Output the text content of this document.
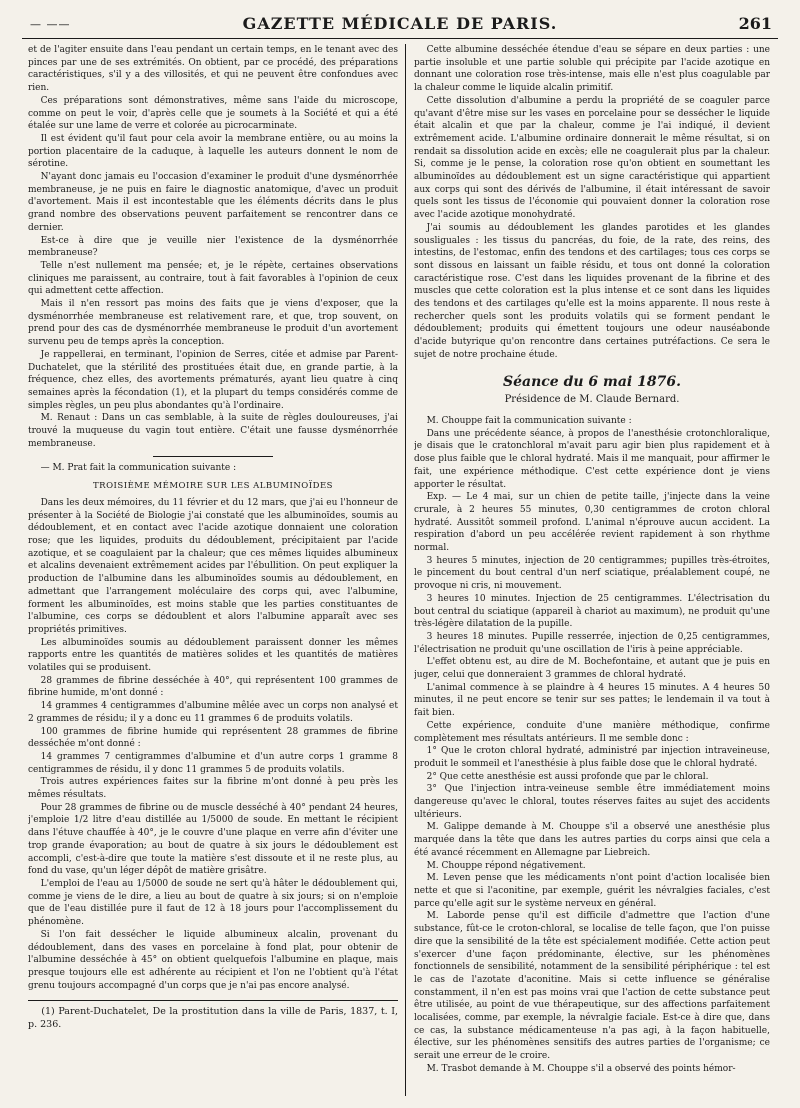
— ——	GAZETTE MÉDICALE DE PARIS.	261

et de l'agiter ensuite dans l'eau pendant un certain temps, en le tenant avec des pinces par une de ses extrémités. On obtient, par ce procédé, des préparations caractéristiques, s'il y a des villosités, et qui ne peuvent être confondues avec rien.

Ces préparations sont démonstratives, même sans l'aide du microscope, comme on peut le voir, d'après celle que je soumets à la Société et qui a été étalée sur une lame de verre et colorée au picrocarminate.

Il est évident qu'il faut pour cela avoir la membrane entière, ou au moins la portion placentaire de la caduque, à laquelle les auteurs donnent le nom de sérotine.

N'ayant donc jamais eu l'occasion d'examiner le produit d'une dysménorrhée membraneuse, je ne puis en faire le diagnostic anatomique, d'avec un produit d'avortement. Mais il est incontestable que les éléments décrits dans le plus grand nombre des observations peuvent parfaitement se rencontrer dans ce dernier.

Est-ce à dire que je veuille nier l'existence de la dysménorrhée membraneuse?

Telle n'est nullement ma pensée; et, je le répète, certaines observations cliniques me paraissent, au contraire, tout à fait favorables à l'opinion de ceux qui admettent cette affection.

Mais il n'en ressort pas moins des faits que je viens d'exposer, que la dysménorrhée membraneuse est relativement rare, et que, trop souvent, on prend pour des cas de dysménorrhée membraneuse le produit d'un avortement survenu peu de temps après la conception.

Je rappellerai, en terminant, l'opinion de Serres, citée et admise par Parent-Duchatelet, que la stérilité des prostituées était due, en grande partie, à la fréquence, chez elles, des avortements prématurés, ayant lieu quatre à cinq semaines après la fécondation (1), et la plupart du temps considérés comme de simples règles, un peu plus abondantes qu'à l'ordinaire.

M. Renaut : Dans un cas semblable, à la suite de règles douloureuses, j'ai trouvé la muqueuse du vagin tout entière. C'était une fausse dysménorrhée membraneuse.

— M. Prat fait la communication suivante :

TROISIÈME MÉMOIRE SUR LES ALBUMINOÏDES

Dans les deux mémoires, du 11 février et du 12 mars, que j'ai eu l'honneur de présenter à la Société de Biologie j'ai constaté que les albuminoïdes, soumis au dédoublement, et en contact avec l'acide azotique donnaient une coloration rose; que les liquides, produits du dédoublement, précipitaient par l'acide azotique, et se coagulaient par la chaleur; que ces mêmes liquides albumineux et alcalins devenaient extrêmement acides par l'ébullition. On peut expliquer la production de l'albumine dans les albuminoïdes soumis au dédoublement, en admettant que l'arrangement moléculaire des corps qui, avec l'albumine, forment les albuminoïdes, est moins stable que les parties constituantes de l'albumine, ces corps se dédoublent et alors l'albumine apparaît avec ses propriétés primitives.

Les albuminoïdes soumis au dédoublement paraissent donner les mêmes rapports entre les quantités de matières solides et les quantités de matières volatiles qui se produisent.

28 grammes de fibrine desséchée à 40°, qui représentent 100 grammes de fibrine humide, m'ont donné :

14 grammes 4 centigrammes d'albumine mêlée avec un corps non analysé et 2 grammes de résidu; il y a donc eu 11 grammes 6 de produits volatils.

100 grammes de fibrine humide qui représentent 28 grammes de fibrine desséchée m'ont donné :

14 grammes 7 centigrammes d'albumine et d'un autre corps 1 gramme 8 centigrammes de résidu, il y donc 11 grammes 5 de produits volatils.

Trois autres expériences faites sur la fibrine m'ont donné à peu près les mêmes résultats.

Pour 28 grammes de fibrine ou de muscle desséché à 40° pendant 24 heures, j'emploie 1/2 litre d'eau distillée au 1/5000 de soude. En mettant le récipient dans l'étuve chauffée à 40°, je le couvre d'une plaque en verre afin d'éviter une trop grande évaporation; au bout de quatre à six jours le dédoublement est accompli, c'est-à-dire que toute la matière s'est dissoute et il ne reste plus, au fond du vase, qu'un léger dépôt de matière grisâtre.

L'emploi de l'eau au 1/5000 de soude ne sert qu'à hâter le dédoublement qui, comme je viens de le dire, a lieu au bout de quatre à six jours; si on n'emploie que de l'eau distillée pure il faut de 12 à 18 jours pour l'accomplissement du phénomène.

Si l'on fait dessécher le liquide albumineux alcalin, provenant du dédoublement, dans des vases en porcelaine à fond plat, pour obtenir de l'albumine desséchée à 45° on obtient quelquefois l'albumine en plaque, mais presque toujours elle est adhérente au récipient et l'on ne l'obtient qu'à l'état grenu toujours accompagné d'un corps que je n'ai pas encore analysé.

(1) Parent-Duchatelet, De la prostitution dans la ville de Paris, 1837, t. I, p. 236.

Cette albumine desséchée étendue d'eau se sépare en deux parties : une partie insoluble et une partie soluble qui précipite par l'acide azotique en donnant une coloration rose très-intense, mais elle n'est plus coagulable par la chaleur comme le liquide alcalin primitif.

Cette dissolution d'albumine a perdu la propriété de se coaguler parce qu'avant d'être mise sur les vases en porcelaine pour se dessécher le liquide était alcalin et que par la chaleur, comme je l'ai indiqué, il devient extrêmement acide. L'albumine ordinaire donnerait le même résultat, si on rendait sa dissolution acide en excès; elle ne coagulerait plus par la chaleur. Si, comme je le pense, la coloration rose qu'on obtient en soumettant les albuminoïdes au dédoublement est un signe caractéristique qui appartient aux corps qui sont des dérivés de l'albumine, il était intéressant de savoir quels sont les tissus de l'économie qui pouvaient donner la coloration rose avec l'acide azotique monohydraté.

J'ai soumis au dédoublement les glandes parotides et les glandes sousliguales : les tissus du pancréas, du foie, de la rate, des reins, des intestins, de l'estomac, enfin des tendons et des cartilages; tous ces corps se sont dissous en laissant un faible résidu, et tous ont donné la coloration caractéristique rose. C'est dans les liquides provenant de la fibrine et des muscles que cette coloration est la plus intense et ce sont dans les liquides des tendons et des cartilages qu'elle est la moins apparente. Il nous reste à rechercher quels sont les produits volatils qui se forment pendant le dédoublement; produits qui émettent toujours une odeur nauséabonde d'acide butyrique qu'on rencontre dans certaines putréfactions. Ce sera le sujet de notre prochaine étude.

Séance du 6 mai 1876.
Présidence de M. Claude Bernard.

M. Chouppe fait la communication suivante :

Dans une précédente séance, à propos de l'anesthésie crotonchloralique, je disais que le cratonchloral m'avait paru agir bien plus rapidement et à dose plus faible que le chloral hydraté. Mais il me manquait, pour affirmer le fait, une expérience méthodique. C'est cette expérience dont je viens apporter le résultat.

Exp. — Le 4 mai, sur un chien de petite taille, j'injecte dans la veine crurale, à 2 heures 55 minutes, 0,30 centigrammes de croton chloral hydraté. Aussitôt sommeil profond. L'animal n'éprouve aucun accident. La respiration d'abord un peu accélérée revient rapidement à son rhythme normal.

3 heures 5 minutes, injection de 20 centigrammes; pupilles très-étroites, le pincement du bout central d'un nerf sciatique, préalablement coupé, ne provoque ni cris, ni mouvement.

3 heures 10 minutes. Injection de 25 centigrammes. L'électrisation du bout central du sciatique (appareil à chariot au maximum), ne produit qu'une très-légère dilatation de la pupille.

3 heures 18 minutes. Pupille resserrée, injection de 0,25 centigrammes, l'électrisation ne produit qu'une oscillation de l'iris à peine appréciable.

L'effet obtenu est, au dire de M. Bochefontaine, et autant que je puis en juger, celui que donneraient 3 grammes de chloral hydraté.

L'animal commence à se plaindre à 4 heures 15 minutes. A 4 heures 50 minutes, il ne peut encore se tenir sur ses pattes; le lendemain il va tout à fait bien.

Cette expérience, conduite d'une manière méthodique, confirme complètement mes résultats antérieurs. Il me semble donc :

1° Que le croton chloral hydraté, administré par injection intraveineuse, produit le sommeil et l'anesthésie à plus faible dose que le chloral hydraté.

2° Que cette anesthésie est aussi profonde que par le chloral.

3° Que l'injection intra-veineuse semble être immédiatement moins dangereuse qu'avec le chloral, toutes réserves faites au sujet des accidents ultérieurs.

M. Galippe demande à M. Chouppe s'il a observé une anesthésie plus marquée dans la tête que dans les autres parties du corps ainsi que cela a été avancé récemment en Allemagne par Liebreich.

M. Chouppe répond négativement.

M. Leven pense que les médicaments n'ont point d'action localisée bien nette et que si l'aconitine, par exemple, guérit les névralgies faciales, c'est parce qu'elle agit sur le système nerveux en général.

M. Laborde pense qu'il est difficile d'admettre que l'action d'une substance, fût-ce le croton-chloral, se localise de telle façon, que l'on puisse dire que la sensibilité de la tête est spécialement modifiée. Cette action peut s'exercer d'une façon prédominante, élective, sur les phénomènes fonctionnels de sensibilité, notamment de la sensibilité périphérique : tel est le cas de l'azotate d'aconitine. Mais si cette influence se généralise constamment, il n'en est pas moins vrai que l'action de cette substance peut être utilisée, au point de vue thérapeutique, sur des affections parfaitement localisées, comme, par exemple, la névralgie faciale. Est-ce à dire que, dans ce cas, la substance médicamenteuse n'a pas agi, à la façon habituelle, élective, sur les phénomènes sensitifs des autres parties de l'organisme; ce serait une erreur de le croire.

M. Trasbot demande à M. Chouppe s'il a observé des points hémor-
